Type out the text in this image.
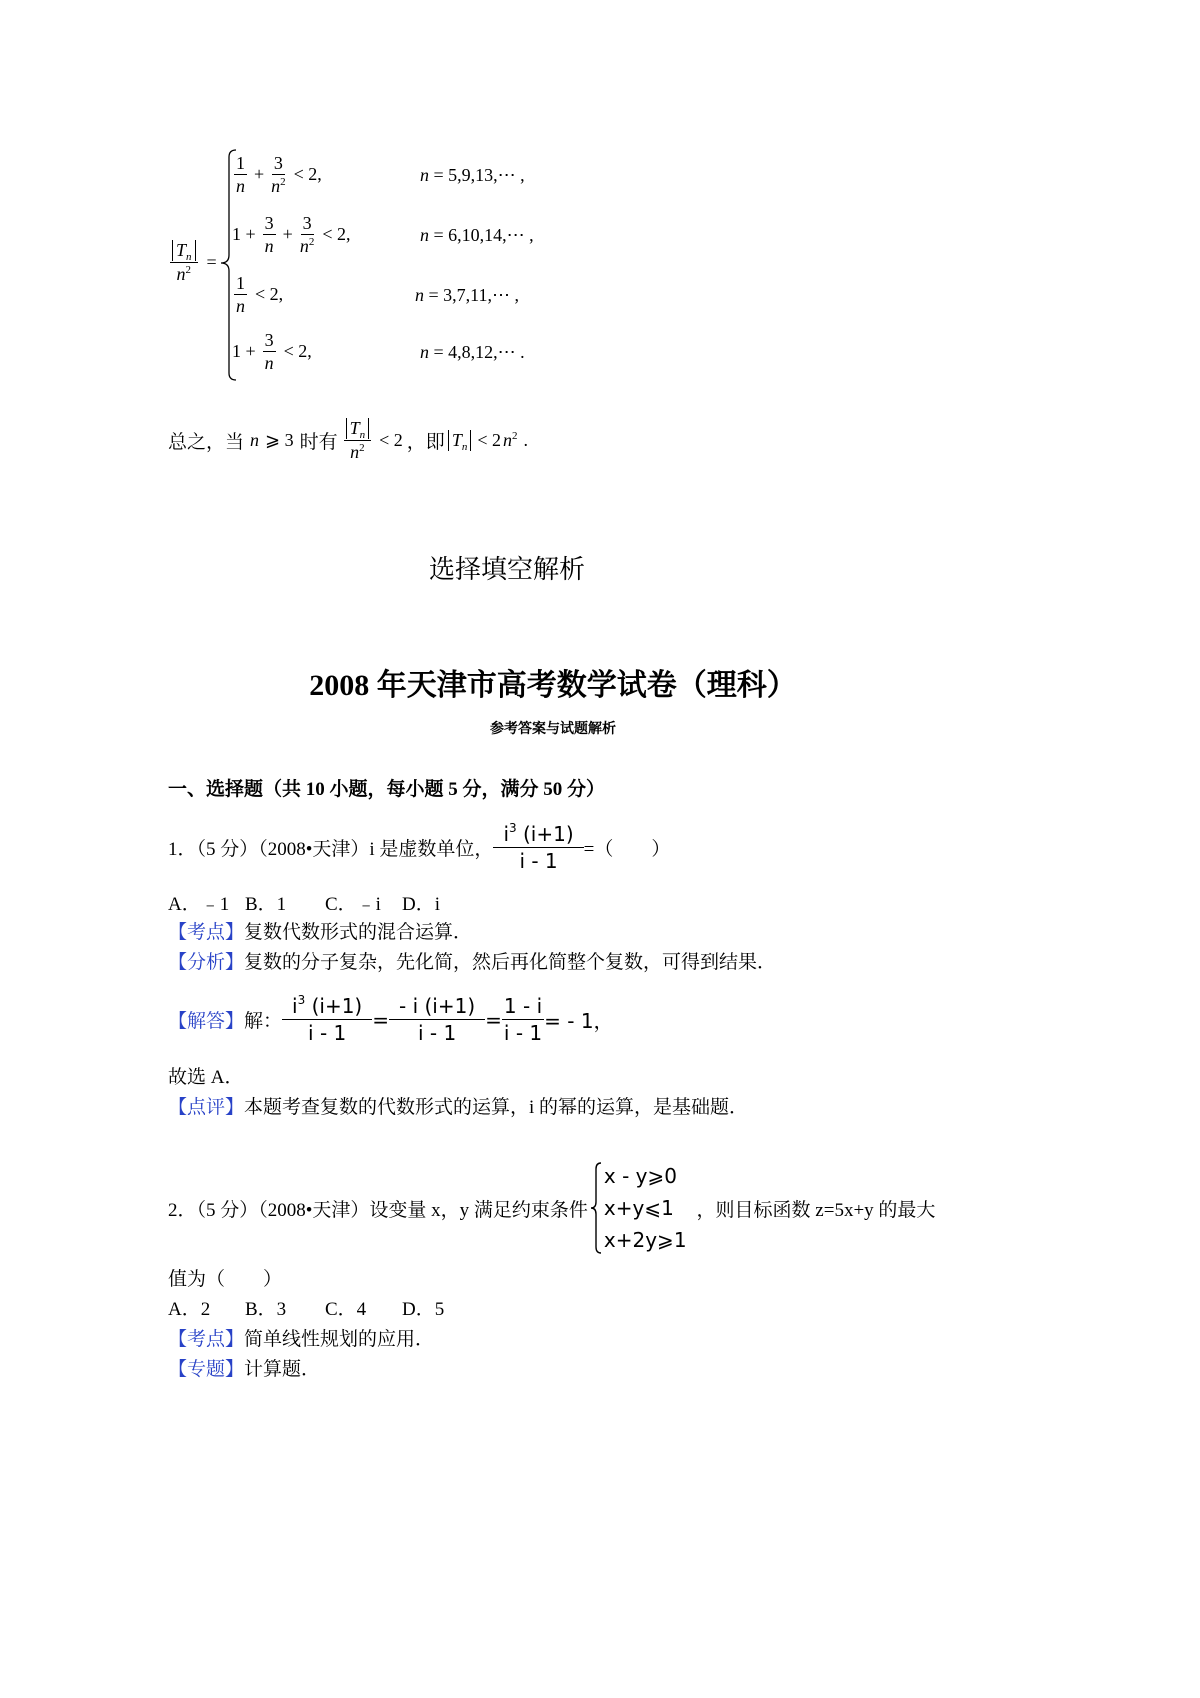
$\frac{T_n}{n^2}$ =
$\frac{1}{n} + \frac{3}{n^2} < 2$,	n = 5,9,13,⋯ ,
$1 + \frac{3}{n} + \frac{3}{n^2} < 2$,	n = 6,10,14,⋯ ,
$\frac{1}{n} < 2$,	n = 3,7,11,⋯ ,
$1 + \frac{3}{n} < 2$,	n = 4,8,12,⋯ .
总之，当 n ⩾ 3 时有 $\frac{T_n}{n^2} < 2$ ，即 $T_n < 2$ $n^2$ .
选择填空解析
2008 年天津市高考数学试卷（理科）
参考答案与试题解析
一、选择题（共 10 小题，每小题 5 分，满分 50 分）
1．（5 分）（2008•天津）i 是虚数单位， $\frac{i^3 (i+1)}{i - 1}$ =（　　）
A．﹣1 B．1 C．﹣i D．i
【考点】复数代数形式的混合运算．
【分析】复数的分子复杂，先化简，然后再化简整个复数，可得到结果．
【解答】 解： $\frac{i^3 (i+1)}{i - 1} = \frac{- i (i+1)}{i - 1} = \frac{1 - i}{i - 1}$ = - 1，
故选 A．
【点评】本题考查复数的代数形式的运算，i 的幂的运算，是基础题．
2．（5 分）（2008•天津）设变量 x，y 满足约束条件
x - y⩾0
x+y⩽1
x+2y⩾1
，则目标函数 z=5x+y 的最大
值为（　　）
A．2 B．3 C．4 D．5
【考点】简单线性规划的应用．
【专题】计算题．
